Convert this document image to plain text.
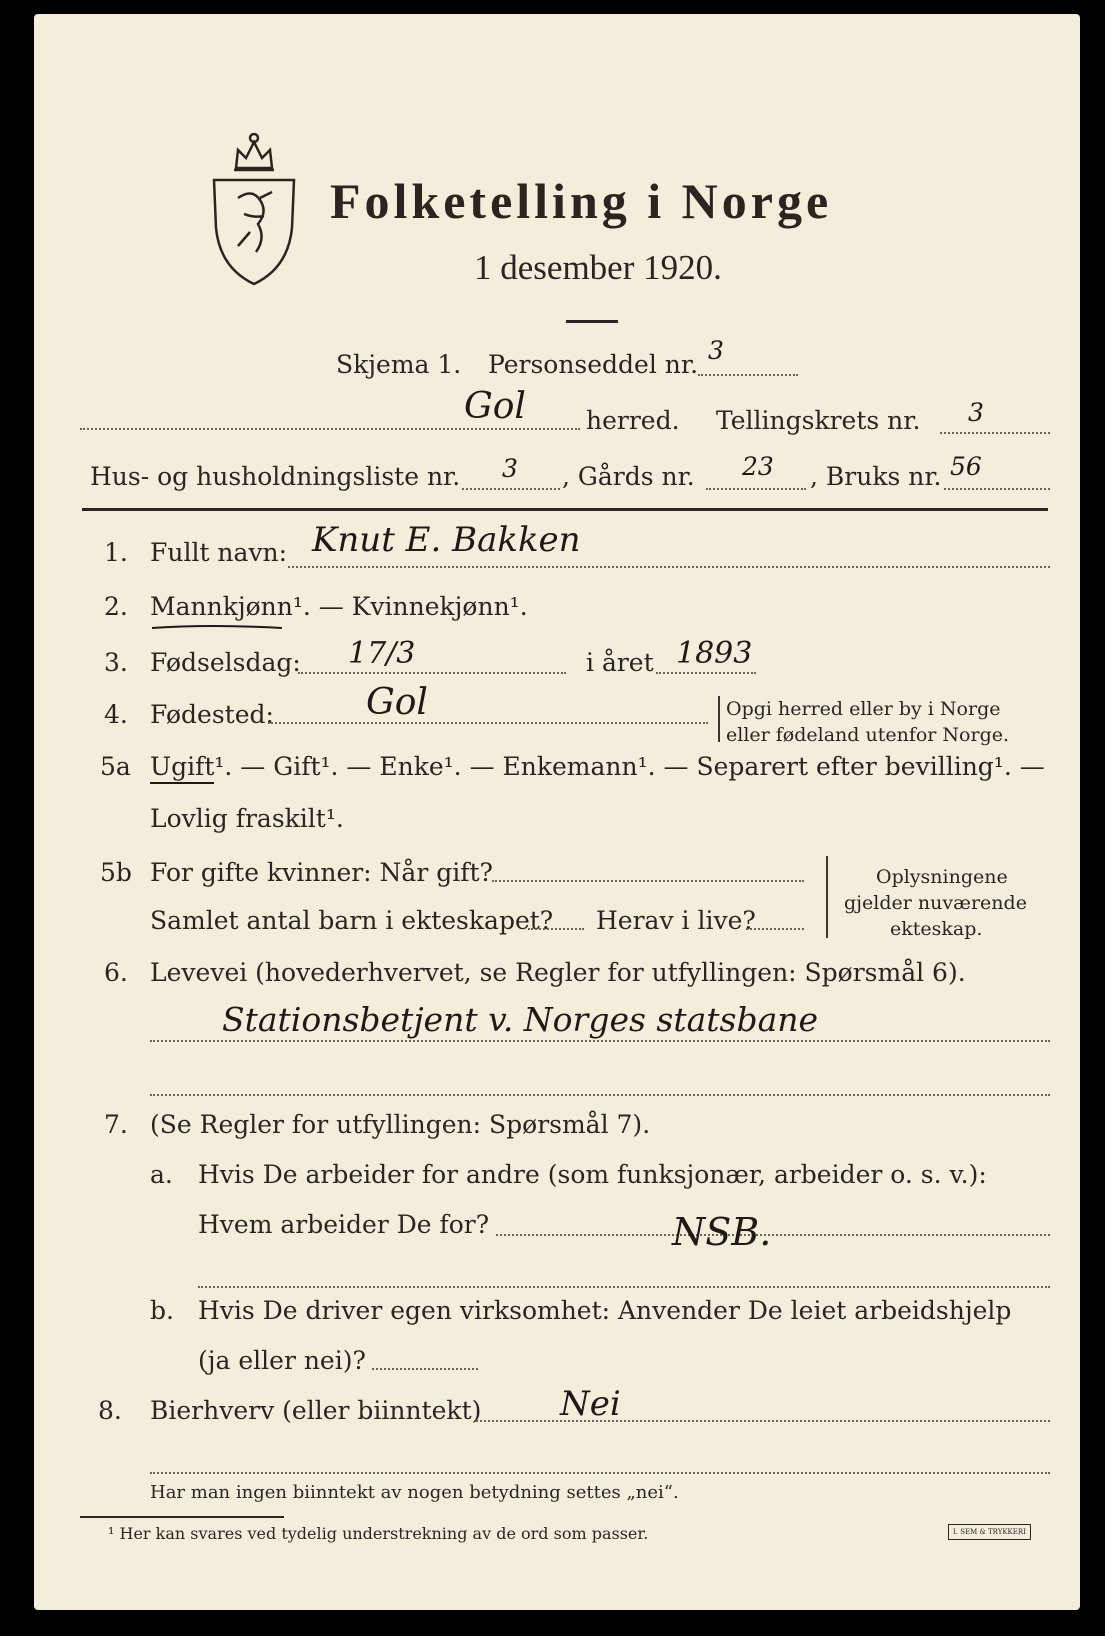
Folketelling i Norge
1 desember 1920.
Skjema 1. Personseddel nr. 3
Gol herred. Tellingskrets nr. 3
Hus- og husholdningsliste nr. 3 , Gårds nr. 23 , Bruks nr. 56
1. Fullt navn: Knut E. Bakken
2. Mannkjønn¹. — Kvinnekjønn¹.
3. Fødselsdag: 17/3	i året 1893
4. Fødested:	Gol	Opgi herred eller by i Norge
eller fødeland utenfor Norge.
5a Ugift¹. — Gift¹. — Enke¹. — Enkemann¹. — Separert efter bevilling¹. —
Lovlig fraskilt¹.
5b For gifte kvinner: Når gift?
Samlet antal barn i ekteskapet? Herav i live?
Oplysningene
gjelder nuværende
ekteskap.
6. Levevei (hovederhvervet, se Regler for utfyllingen: Spørsmål 6).
Stationsbetjent v. Norges statsbane
7. (Se Regler for utfyllingen: Spørsmål 7).
a. Hvis De arbeider for andre (som funksjonær, arbeider o. s. v.):
Hvem arbeider De for?	NSB.
b. Hvis De driver egen virksomhet: Anvender De leiet arbeidshjelp
(ja eller nei)?
8. Bierhverv (eller biinntekt) Nei
Har man ingen biinntekt av nogen betydning settes „nei“.
¹ Her kan svares ved tydelig understrekning av de ord som passer.	I. SEM & TRYKKERI
